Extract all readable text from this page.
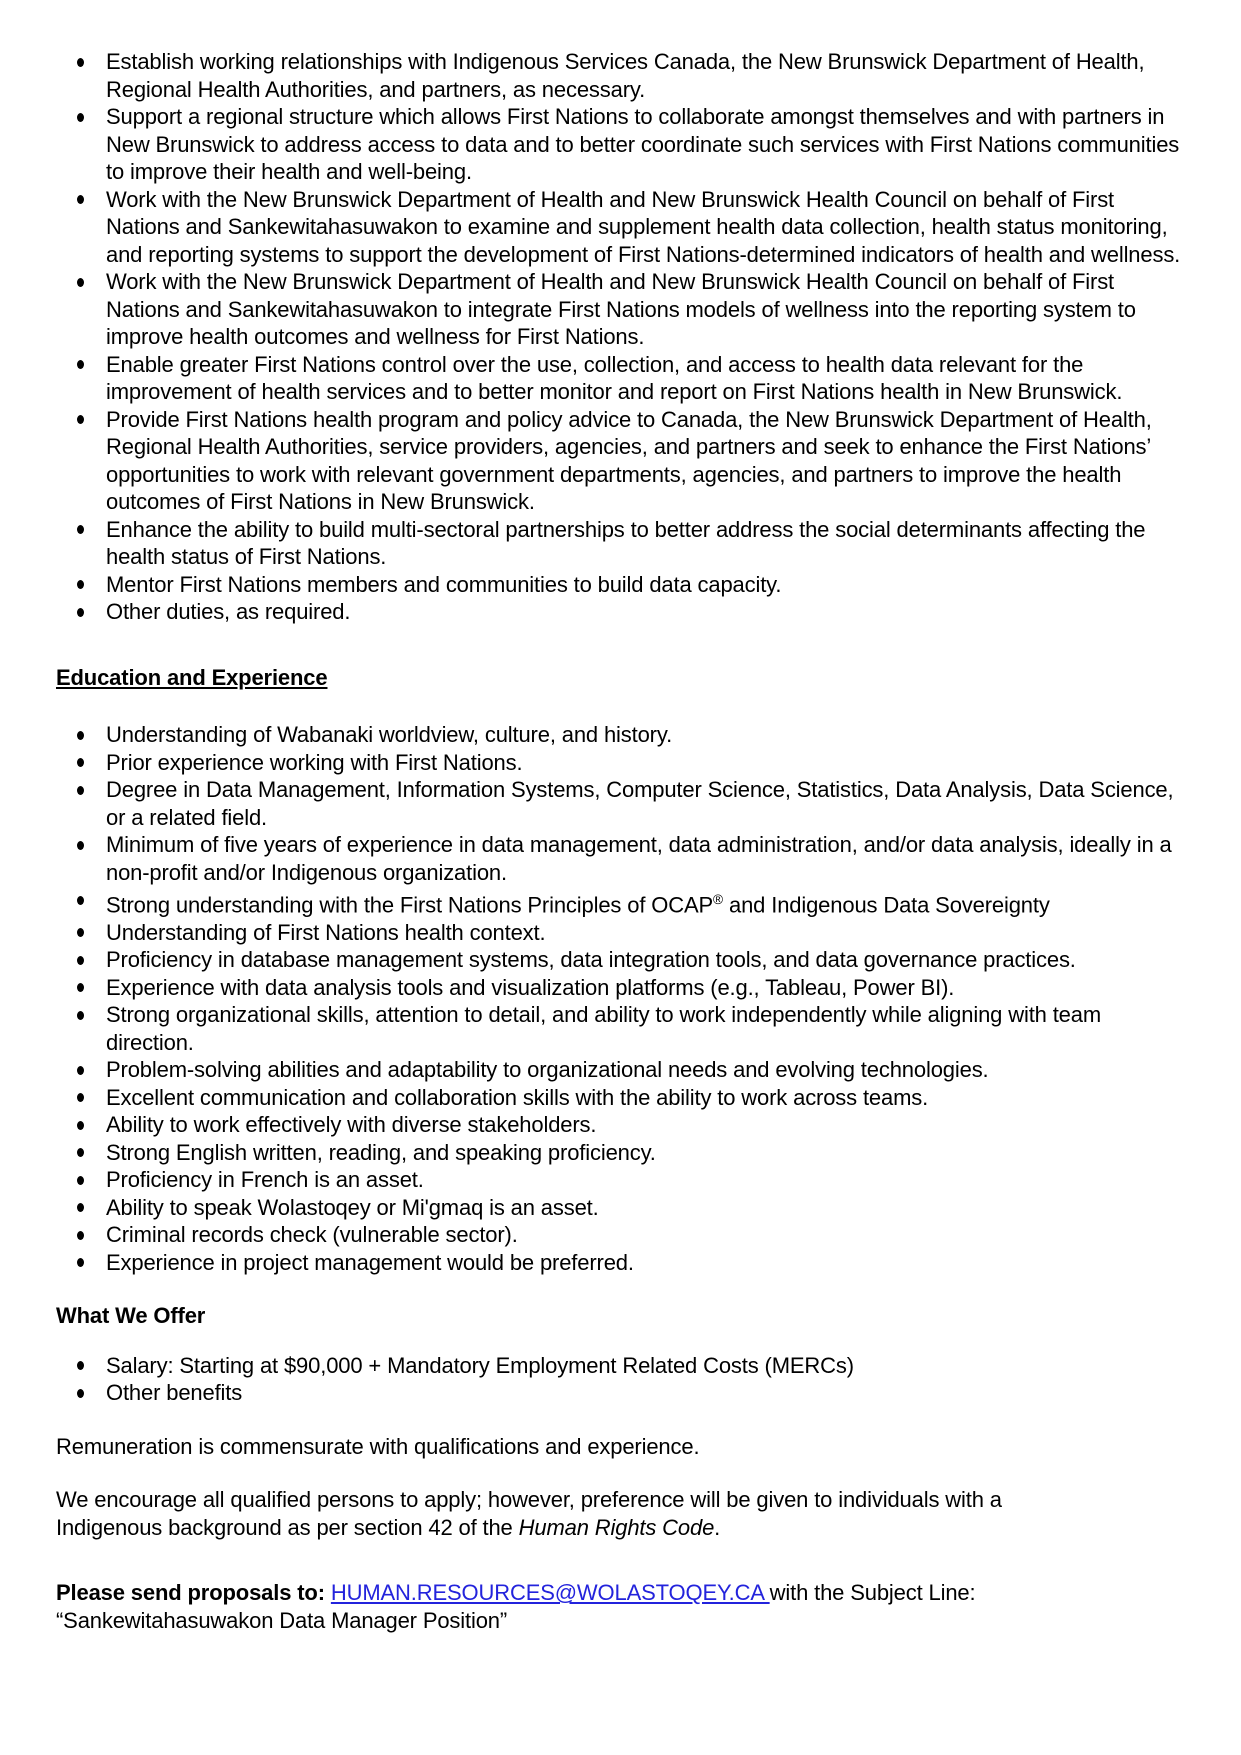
Establish working relationships with Indigenous Services Canada, the New Brunswick Department of Health, Regional Health Authorities, and partners, as necessary.
Support a regional structure which allows First Nations to collaborate amongst themselves and with partners in New Brunswick to address access to data and to better coordinate such services with First Nations communities to improve their health and well-being.
Work with the New Brunswick Department of Health and New Brunswick Health Council on behalf of First Nations and Sankewitahasuwakon to examine and supplement health data collection, health status monitoring, and reporting systems to support the development of First Nations-determined indicators of health and wellness.
Work with the New Brunswick Department of Health and New Brunswick Health Council on behalf of First Nations and Sankewitahasuwakon to integrate First Nations models of wellness into the reporting system to improve health outcomes and wellness for First Nations.
Enable greater First Nations control over the use, collection, and access to health data relevant for the improvement of health services and to better monitor and report on First Nations health in New Brunswick.
Provide First Nations health program and policy advice to Canada, the New Brunswick Department of Health, Regional Health Authorities, service providers, agencies, and partners and seek to enhance the First Nations’ opportunities to work with relevant government departments, agencies, and partners to improve the health outcomes of First Nations in New Brunswick.
Enhance the ability to build multi-sectoral partnerships to better address the social determinants affecting the health status of First Nations.
Mentor First Nations members and communities to build data capacity.
Other duties, as required.
Education and Experience
Understanding of Wabanaki worldview, culture, and history.
Prior experience working with First Nations.
Degree in Data Management, Information Systems, Computer Science, Statistics, Data Analysis, Data Science, or a related field.
Minimum of five years of experience in data management, data administration, and/or data analysis, ideally in a non-profit and/or Indigenous organization.
Strong understanding with the First Nations Principles of OCAP® and Indigenous Data Sovereignty
Understanding of First Nations health context.
Proficiency in database management systems, data integration tools, and data governance practices.
Experience with data analysis tools and visualization platforms (e.g., Tableau, Power BI).
Strong organizational skills, attention to detail, and ability to work independently while aligning with team direction.
Problem-solving abilities and adaptability to organizational needs and evolving technologies.
Excellent communication and collaboration skills with the ability to work across teams.
Ability to work effectively with diverse stakeholders.
Strong English written, reading, and speaking proficiency.
Proficiency in French is an asset.
Ability to speak Wolastoqey or Mi'gmaq is an asset.
Criminal records check (vulnerable sector).
Experience in project management would be preferred.
What We Offer
Salary: Starting at $90,000 + Mandatory Employment Related Costs (MERCs)
Other benefits

Remuneration is commensurate with qualifications and experience.

We encourage all qualified persons to apply; however, preference will be given to individuals with a
Indigenous background as per section 42 of the Human Rights Code.

Please send proposals to: HUMAN.RESOURCES@WOLASTOQEY.CA with the Subject Line:
“Sankewitahasuwakon Data Manager Position”
